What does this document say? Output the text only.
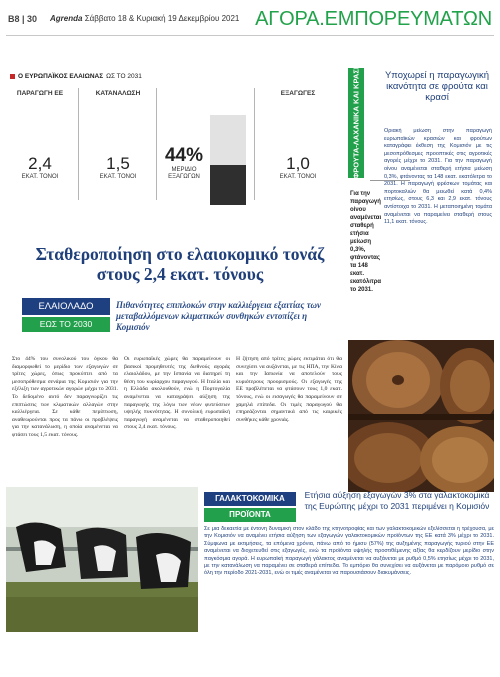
B8 | 30 Agrenda Σάββατο 18 & Κυριακή 19 Δεκεμβρίου 2021 ΑΓΟΡΑ.ΕΜΠΟΡΕΥΜΑΤΩΝ
Ο ΕΥΡΩΠΑΪΚΟΣ ΕΛΑΙΩΝΑΣ ΩΣ ΤΟ 2031
ΠΑΡΑΓΩΓΗ ΕΕ
2,4
ΕΚΑΤ. ΤΟΝΟΙ
ΚΑΤΑΝΑΛΩΣΗ
1,5
ΕΚΑΤ. ΤΟΝΟΙ
44%
ΜΕΡΙΔΙΟ ΕΞΑΓΩΓΩΝ
ΕΞΑΓΩΓΕΣ
1,0
ΕΚΑΤ. ΤΟΝΟΙ
Σταθεροποίηση στο ελαιοκομικό τονάζ στους 2,4 εκατ. τόνους
ΕΛΑΙΟΛΑΔΟ
ΕΩΣ ΤΟ 2030
Πιθανότητες επιπλοκών στην καλλιέργεια εξαιτίας των μεταβαλλόμενων κλιματικών συνθηκών εντοπίζει η Κομισιόν
Στο 44% του συνολικού του όγκου θα διαμορφωθεί το μερίδιο των εξαγωγών σε τρίτες χώρες, όπως προκύπτει από τα μεσοπρόθεσμα σενάρια της Κομισιόν για την εξέλιξη των αγροτικών αγορών μέχρι το 2031. Το δεδομένο αυτό δεν παραγνωρίζει τις επιπτώσεις των κλιματικών αλλαγών στην καλλιέργεια. Σε κάθε περίπτωση, αναθεωρούνται προς τα πάνω οι προβλέψεις για την κατανάλωση, η οποία αναμένεται να φτάσει τους 1,5 εκατ. τόνους.
Οι ευρωπαϊκές χώρες θα παραμείνουν οι βασικοί προμηθευτές της διεθνούς αγοράς ελαιολάδου, με την Ισπανία να διατηρεί τη θέση του κυρίαρχου παραγωγού. Η Ιταλία και η Ελλάδα ακολουθούν, ενώ η Πορτογαλία αναμένεται να καταγράψει αύξηση της παραγωγής της λόγω των νέων φυτεύσεων υψηλής πυκνότητας. Η συνολική ευρωπαϊκή παραγωγή αναμένεται να σταθεροποιηθεί στους 2,4 εκατ. τόνους.
Η ζήτηση από τρίτες χώρες εκτιμάται ότι θα συνεχίσει να αυξάνεται, με τις ΗΠΑ, την Κίνα και την Ιαπωνία να αποτελούν τους κυριότερους προορισμούς. Οι εξαγωγές της ΕΕ προβλέπεται να φτάσουν τους 1,0 εκατ. τόνους, ενώ οι εισαγωγές θα παραμείνουν σε χαμηλά επίπεδα. Οι τιμές παραγωγού θα επηρεάζονται σημαντικά από τις καιρικές συνθήκες κάθε χρονιάς.
ΦΡΟΥΤΑ-ΛΑΧΑΝΙΚΑ ΚΑΙ ΚΡΑΣΙ	Υποχωρεί η παραγωγική ικανότητα σε φρούτα και κρασί
Για την παραγωγή οίνου αναμένεται σταθερή ετήσια μείωση 0,3%, φτάνοντας τα 148 εκατ. εκατόλιτρα το 2031.
Οριακή μείωση στην παραγωγή ευρωπαϊκών κρασιών και φρούτων καταγράφει έκθεση της Κομισιόν με τις μεσοπρόθεσμες προοπτικές στις αγροτικές αγορές μέχρι το 2031. Για την παραγωγή οίνου αναμένεται σταθερή ετήσια μείωση 0,3%, φτάνοντας τα 148 εκατ. εκατόλιτρα το 2031. Η παραγωγή φρέσκων τομάτας και πορτοκαλιών θα μειωθεί κατά 0,4% ετησίως, στους 6,3 και 2,9 εκατ. τόνους αντίστοιχα το 2031. Η μεταποιημένη τομάτα αναμένεται να παραμείνει σταθερή στους 11,1 εκατ. τόνους.
ΓΑΛΑΚΤΟΚΟΜΙΚΑ
ΠΡΟΪΟΝΤΑ
Ετήσια αύξηση εξαγωγών 3% στα γαλακτοκομικά της Ευρώπης μέχρι το 2031 περιμένει η Κομισιόν
Σε μια δεκαετία με έντονη δυναμική στον κλάδο της κτηνοτροφίας και των γαλακτοκομικών εξελίσσεται η τρέχουσα, με την Κομισιόν να αναμένει ετήσια αύξηση των εξαγωγών γαλακτοκομικών προϊόντων της ΕΕ κατά 3% μέχρι το 2031. Σύμφωνα με εκτιμήσεις, τα επόμενα χρόνια, πάνω από το ήμισυ (57%) της αυξημένης παραγωγής τυριού στην ΕΕ αναμένεται να διοχετευθεί στις εξαγωγές, ενώ τα προϊόντα υψηλής προστιθέμενης αξίας θα κερδίζουν μερίδιο στην παγκόσμια αγορά. Η ευρωπαϊκή παραγωγή γάλακτος αναμένεται να αυξάνεται με ρυθμό 0,5% ετησίως μέχρι το 2031, με την κατανάλωση να παραμένει σε σταθερά επίπεδα. Το εμπόριο θα συνεχίσει να αυξάνεται με παρόμοιο ρυθμό σε όλη την περίοδο 2021-2031, ενώ οι τιμές αναμένεται να παρουσιάσουν διακυμάνσεις.
